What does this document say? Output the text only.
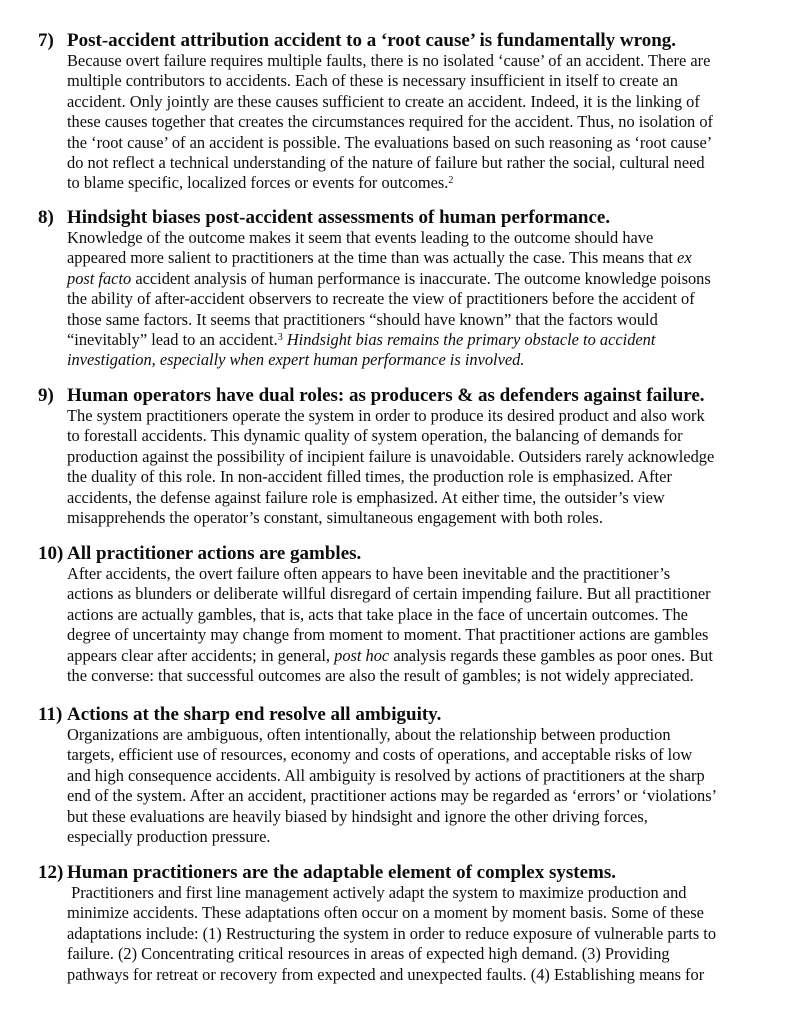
7) Post-accident attribution accident to a ‘root cause’ is fundamentally wrong.
Because overt failure requires multiple faults, there is no isolated ‘cause’ of an accident. There are
multiple contributors to accidents. Each of these is necessary insufficient in itself to create an
accident. Only jointly are these causes sufficient to create an accident. Indeed, it is the linking of
these causes together that creates the circumstances required for the accident. Thus, no isolation of
the ‘root cause’ of an accident is possible. The evaluations based on such reasoning as ‘root cause’
do not reflect a technical understanding of the nature of failure but rather the social, cultural need
to blame specific, localized forces or events for outcomes.$^2$
8) Hindsight biases post-accident assessments of human performance.
Knowledge of the outcome makes it seem that events leading to the outcome should have
appeared more salient to practitioners at the time than was actually the case. This means that ex
post facto accident analysis of human performance is inaccurate. The outcome knowledge poisons
the ability of after-accident observers to recreate the view of practitioners before the accident of
those same factors. It seems that practitioners “should have known” that the factors would
“inevitably” lead to an accident.$^3$ Hindsight bias remains the primary obstacle to accident
investigation, especially when expert human performance is involved.
9) Human operators have dual roles: as producers & as defenders against failure.
The system practitioners operate the system in order to produce its desired product and also work
to forestall accidents. This dynamic quality of system operation, the balancing of demands for
production against the possibility of incipient failure is unavoidable. Outsiders rarely acknowledge
the duality of this role. In non-accident filled times, the production role is emphasized. After
accidents, the defense against failure role is emphasized. At either time, the outsider’s view
misapprehends the operator’s constant, simultaneous engagement with both roles.
10) All practitioner actions are gambles.
After accidents, the overt failure often appears to have been inevitable and the practitioner’s
actions as blunders or deliberate willful disregard of certain impending failure. But all practitioner
actions are actually gambles, that is, acts that take place in the face of uncertain outcomes. The
degree of uncertainty may change from moment to moment. That practitioner actions are gambles
appears clear after accidents; in general, post hoc analysis regards these gambles as poor ones. But
the converse: that successful outcomes are also the result of gambles; is not widely appreciated.
11) Actions at the sharp end resolve all ambiguity.
Organizations are ambiguous, often intentionally, about the relationship between production
targets, efficient use of resources, economy and costs of operations, and acceptable risks of low
and high consequence accidents. All ambiguity is resolved by actions of practitioners at the sharp
end of the system. After an accident, practitioner actions may be regarded as ‘errors’ or ‘violations’
but these evaluations are heavily biased by hindsight and ignore the other driving forces,
especially production pressure.
12) Human practitioners are the adaptable element of complex systems.
Practitioners and first line management actively adapt the system to maximize production and
minimize accidents. These adaptations often occur on a moment by moment basis. Some of these
adaptations include: (1) Restructuring the system in order to reduce exposure of vulnerable parts to
failure. (2) Concentrating critical resources in areas of expected high demand. (3) Providing
pathways for retreat or recovery from expected and unexpected faults. (4) Establishing means for
